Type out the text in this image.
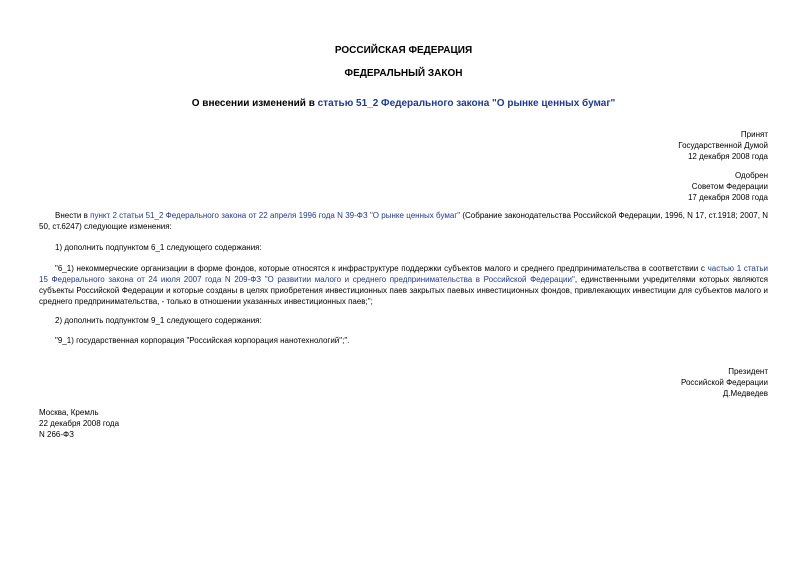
РОССИЙСКАЯ ФЕДЕРАЦИЯ
ФЕДЕРАЛЬНЫЙ ЗАКОН
О внесении изменений в статью 51_2 Федерального закона "О рынке ценных бумаг"
Принят
Государственной Думой
12 декабря 2008 года
Одобрен
Советом Федерации
17 декабря 2008 года
Внести в пункт 2 статьи 51_2 Федерального закона от 22 апреля 1996 года N 39-ФЗ "О рынке ценных бумаг" (Собрание законодательства Российской Федерации, 1996, N 17, ст.1918; 2007, N 50, ст.6247) следующие изменения:
1) дополнить подпунктом 6_1 следующего содержания:
"6_1) некоммерческие организации в форме фондов, которые относятся к инфраструктуре поддержки субъектов малого и среднего предпринимательства в соответствии с частью 1 статьи 15 Федерального закона от 24 июля 2007 года N 209-ФЗ "О развитии малого и среднего предпринимательства в Российской Федерации", единственными учредителями которых являются субъекты Российской Федерации и которые созданы в целях приобретения инвестиционных паев закрытых паевых инвестиционных фондов, привлекающих инвестиции для субъектов малого и среднего предпринимательства, - только в отношении указанных инвестиционных паев;";
2) дополнить подпунктом 9_1 следующего содержания:
"9_1) государственная корпорация "Российская корпорация нанотехнологий";".
Президент
Российской Федерации
Д.Медведев
Москва, Кремль
22 декабря 2008 года
N 266-ФЗ
